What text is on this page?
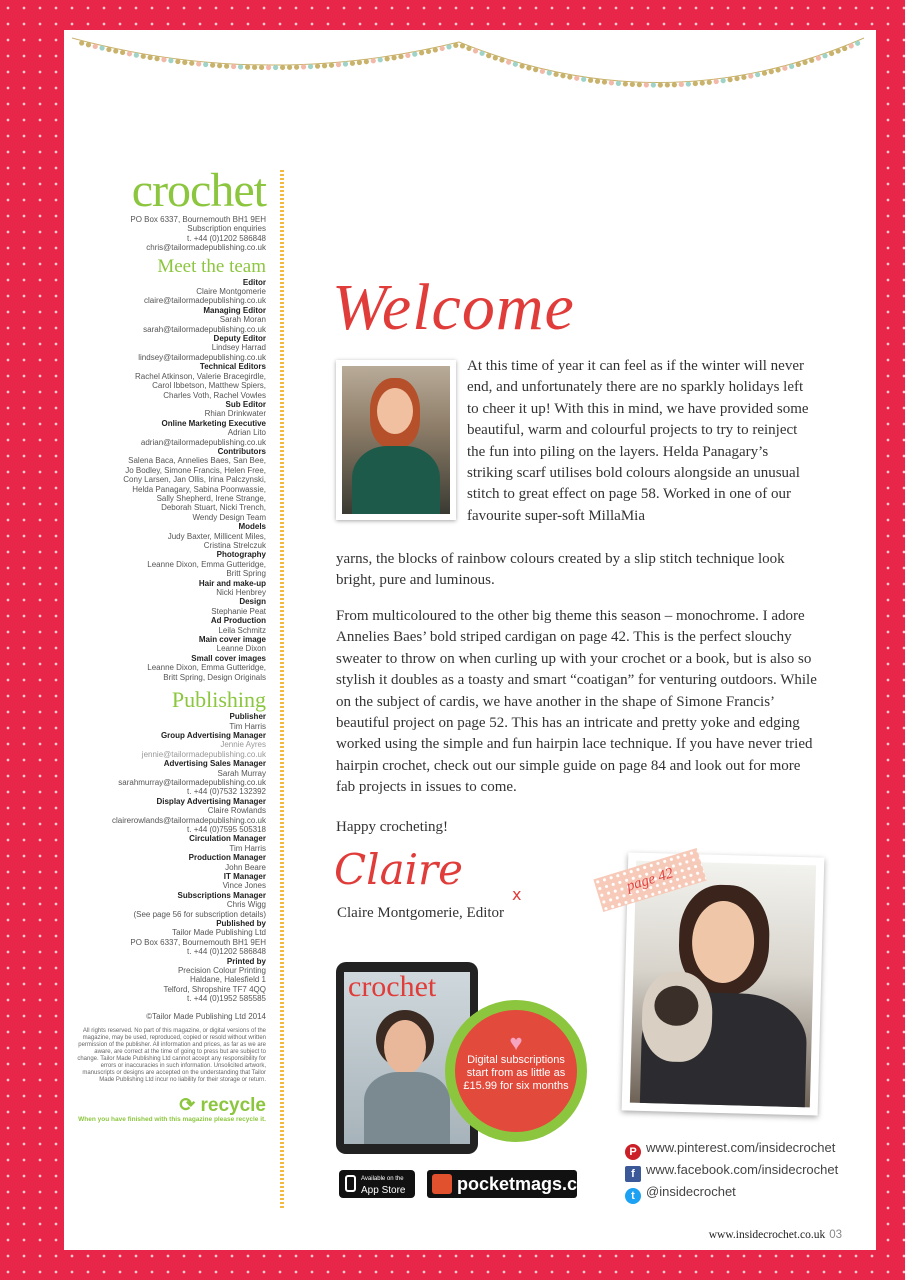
crochet
PO Box 6337, Bournemouth BH1 9EH
Subscription enquiries
t. +44 (0)1202 586848
chris@tailormadepublishing.co.uk
Meet the team
Editor
Claire Montgomerie
claire@tailormadepublishing.co.uk
Managing Editor
Sarah Moran
sarah@tailormadepublishing.co.uk
Deputy Editor
Lindsey Harrad
lindsey@tailormadepublishing.co.uk
Technical Editors
Rachel Atkinson, Valerie Bracegirdle,
Carol Ibbetson, Matthew Spiers,
Charles Voth, Rachel Vowles
Sub Editor
Rhian Drinkwater
Online Marketing Executive
Adrian Lito
adrian@tailormadepublishing.co.uk
Contributors
Salena Baca, Annelies Baes, San Bee,
Jo Bodley, Simone Francis, Helen Free,
Cony Larsen, Jan Ollis, Irina Palczynski,
Helda Panagary, Sabina Poonwassie,
Sally Shepherd, Irene Strange,
Deborah Stuart, Nicki Trench,
Wendy Design Team
Models
Judy Baxter, Millicent Miles,
Cristina Strelczuk
Photography
Leanne Dixon, Emma Gutteridge,
Britt Spring
Hair and make-up
Nicki Henbrey
Design
Stephanie Peat
Ad Production
Leila Schmitz
Main cover image
Leanne Dixon
Small cover images
Leanne Dixon, Emma Gutteridge,
Britt Spring, Design Originals
Publishing
Publisher
Tim Harris
Group Advertising Manager
Jennie Ayres
jennie@tailormadepublishing.co.uk
Advertising Sales Manager
Sarah Murray
sarahmurray@tailormadepublishing.co.uk
t. +44 (0)7532 132392
Display Advertising Manager
Claire Rowlands
clairerowlands@tailormadepublishing.co.uk
t. +44 (0)7595 505318
Circulation Manager
Tim Harris
Production Manager
John Beare
IT Manager
Vince Jones
Subscriptions Manager
Chris Wigg
(See page 56 for subscription details)
Published by
Tailor Made Publishing Ltd
PO Box 6337, Bournemouth BH1 9EH
t. +44 (0)1202 586848
Printed by
Precision Colour Printing
Haldane, Halesfield 1
Telford, Shropshire TF7 4QQ
t. +44 (0)1952 585585
©Tailor Made Publishing Ltd 2014
All rights reserved. No part of this magazine, or digital versions of the magazine, may be used, reproduced, copied or resold without written permission of the publisher. All information and prices, as far as we are aware, are correct at the time of going to press but are subject to change. Tailor Made Publishing Ltd cannot accept any responsibility for errors or inaccuracies in such information. Unsolicited artwork, manuscripts or designs are accepted on the understanding that Tailor Made Publishing Ltd incur no liability for their storage or return.
⟳ recycle
When you have finished with this magazine please recycle it.
Welcome
At this time of year it can feel as if the winter will never end, and unfortunately there are no sparkly holidays left to cheer it up! With this in mind, we have provided some beautiful, warm and colourful projects to try to reinject the fun into piling on the layers. Helda Panagary’s striking scarf utilises bold colours alongside an unusual stitch to great effect on page 58. Worked in one of our favourite super-soft MillaMia
yarns, the blocks of rainbow colours created by a slip stitch technique look bright, pure and luminous.
From multicoloured to the other big theme this season – monochrome. I adore Annelies Baes’ bold striped cardigan on page 42. This is the perfect slouchy sweater to throw on when curling up with your crochet or a book, but is also so stylish it doubles as a toasty and smart “coatigan” for venturing outdoors. While on the subject of cardis, we have another in the shape of Simone Francis’ beautiful project on page 52. This has an intricate and pretty yoke and edging worked using the simple and fun hairpin lace technique. If you have never tried hairpin crochet, check out our simple guide on page 84 and look out for more fab projects in issues to come.
Happy crocheting!
Claire
x
Claire Montgomerie, Editor
crochet
♥
Digital subscriptions start from as little as £15.99 for six months
Available on the
App Store	pocketmags.com
page 42
P www.pinterest.com/insidecrochet
f www.facebook.com/insidecrochet
t @insidecrochet
www.insidecrochet.co.uk 03
